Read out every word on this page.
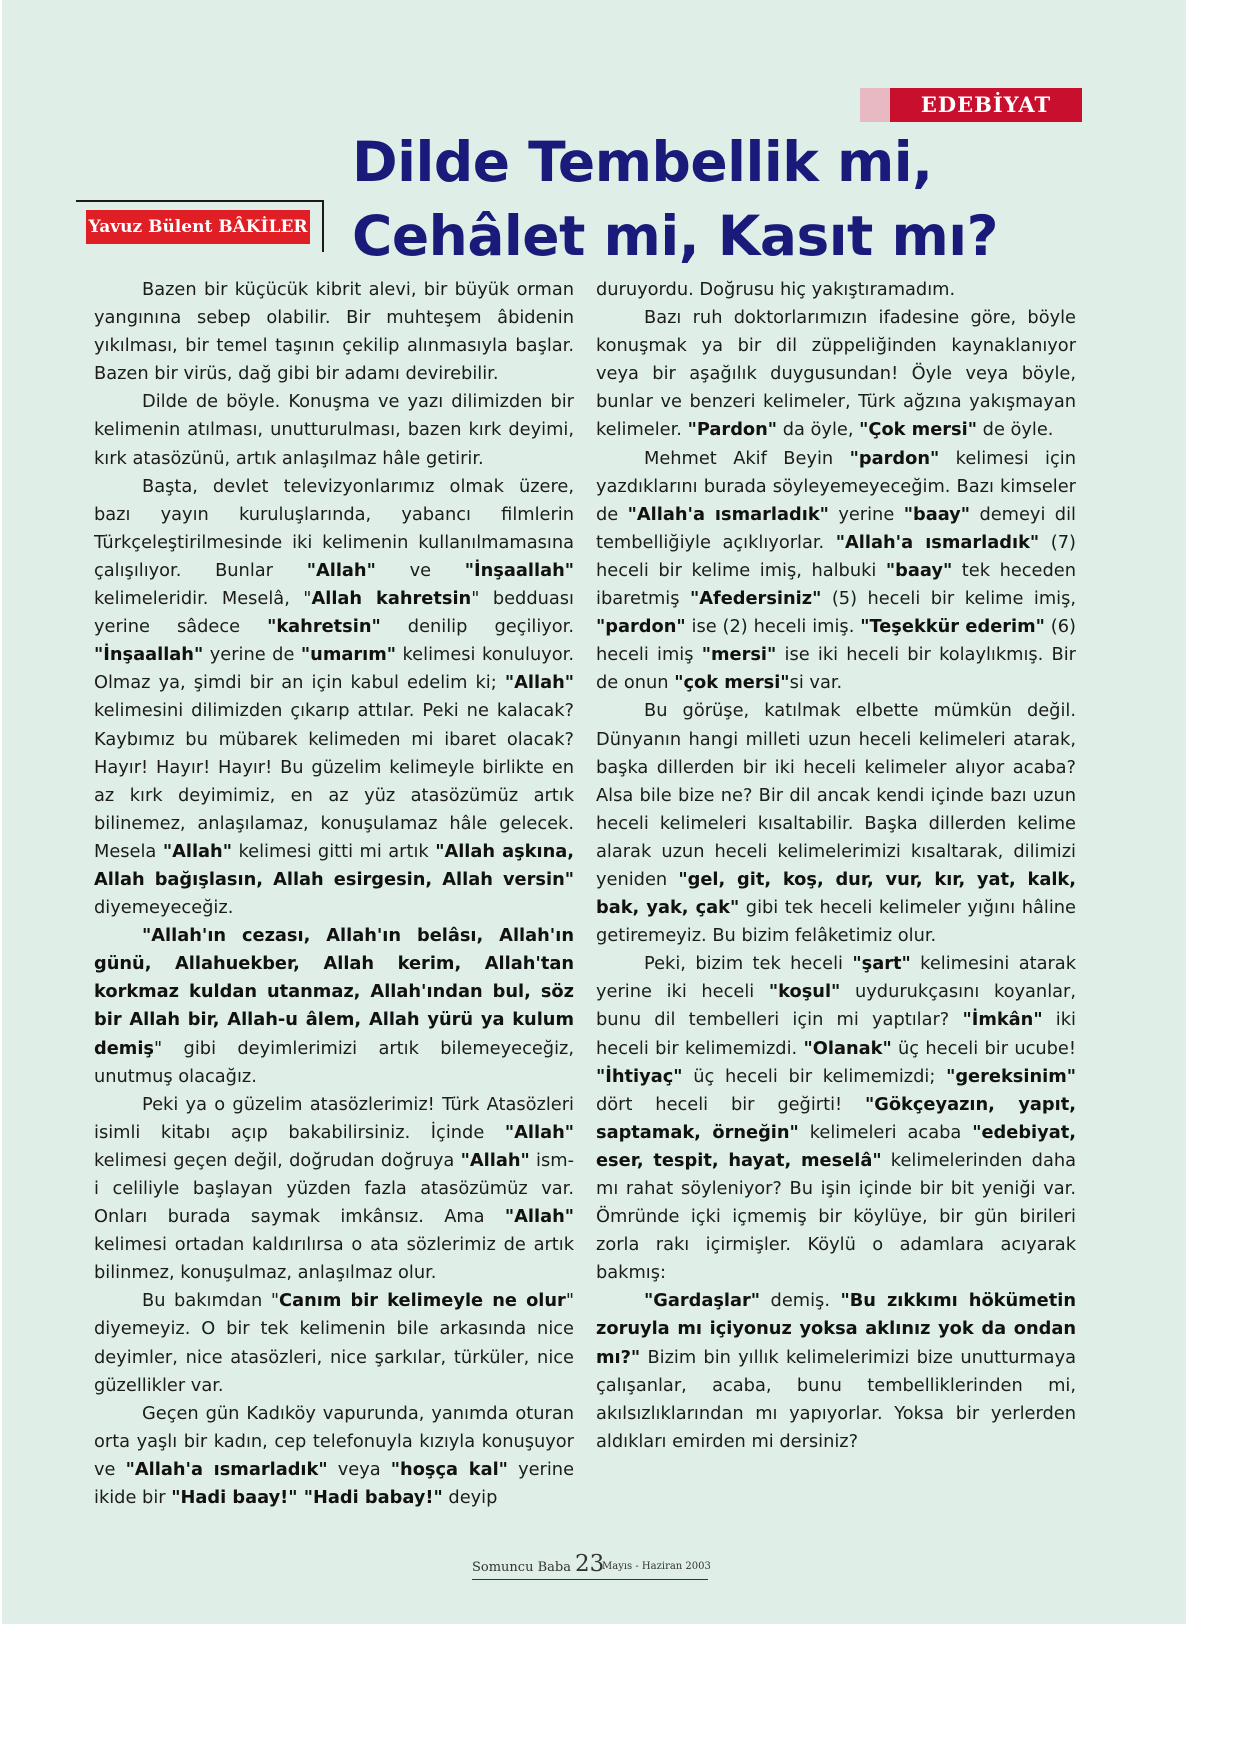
EDEBİYAT
Dilde Tembellik mi,
Cehâlet mi, Kasıt mı?
Yavuz Bülent BÂKİLER

Bazen bir küçücük kibrit alevi, bir büyük orman yangınına sebep olabilir. Bir muhteşem âbidenin yıkılması, bir temel taşının çekilip alınmasıyla başlar. Bazen bir virüs, dağ gibi bir adamı devirebilir.

Dilde de böyle. Konuşma ve yazı dilimizden bir kelimenin atılması, unutturulması, bazen kırk deyimi, kırk atasözünü, artık anlaşılmaz hâle getirir.

Başta, devlet televizyonlarımız olmak üzere, bazı yayın kuruluşlarında, yabancı filmlerin Türkçeleştirilmesinde iki kelimenin kullanılmamasına çalışılıyor. Bunlar "Allah" ve "İnşaallah" kelimeleridir. Meselâ, "Allah kahretsin" bedduası yerine sâdece "kahretsin" denilip geçiliyor. "İnşaallah" yerine de "umarım" kelimesi konuluyor. Olmaz ya, şimdi bir an için kabul edelim ki; "Allah" kelimesini dilimizden çıkarıp attılar. Peki ne kalacak? Kaybımız bu mübarek kelimeden mi ibaret olacak? Hayır! Hayır! Hayır! Bu güzelim kelimeyle birlikte en az kırk deyimimiz, en az yüz atasözümüz artık bilinemez, anlaşılamaz, konuşulamaz hâle gelecek. Mesela "Allah" kelimesi gitti mi artık "Allah aşkına, Allah bağışlasın, Allah esirgesin, Allah versin" diyemeyeceğiz.

"Allah'ın cezası, Allah'ın belâsı, Allah'ın günü, Allahuekber, Allah kerim, Allah'tan korkmaz kuldan utanmaz, Allah'ından bul, söz bir Allah bir, Allah-u âlem, Allah yürü ya kulum demiş" gibi deyimlerimizi artık bilemeyeceğiz, unutmuş olacağız.

Peki ya o güzelim atasözlerimiz! Türk Atasözleri isimli kitabı açıp bakabilirsiniz. İçinde "Allah" kelimesi geçen değil, doğrudan doğruya "Allah" ism-i celiliyle başlayan yüzden fazla atasözümüz var. Onları burada saymak imkânsız. Ama "Allah" kelimesi ortadan kaldırılırsa o ata sözlerimiz de artık bilinmez, konuşulmaz, anlaşılmaz olur.

Bu bakımdan "Canım bir kelimeyle ne olur" diyemeyiz. O bir tek kelimenin bile arkasında nice deyimler, nice atasözleri, nice şarkılar, türküler, nice güzellikler var.

Geçen gün Kadıköy vapurunda, yanımda oturan orta yaşlı bir kadın, cep telefonuyla kızıyla konuşuyor ve "Allah'a ısmarladık" veya "hoşça kal" yerine ikide bir "Hadi baay!" "Hadi babay!" deyip

duruyordu. Doğrusu hiç yakıştıramadım.

Bazı ruh doktorlarımızın ifadesine göre, böyle konuşmak ya bir dil züppeliğinden kaynaklanıyor veya bir aşağılık duygusundan! Öyle veya böyle, bunlar ve benzeri kelimeler, Türk ağzına yakışmayan kelimeler. "Pardon" da öyle, "Çok mersi" de öyle.

Mehmet Akif Beyin "pardon" kelimesi için yazdıklarını burada söyleyemeyeceğim. Bazı kimseler de "Allah'a ısmarladık" yerine "baay" demeyi dil tembelliğiyle açıklıyorlar. "Allah'a ısmarladık" (7) heceli bir kelime imiş, halbuki "baay" tek heceden ibaretmiş "Afedersiniz" (5) heceli bir kelime imiş, "pardon" ise (2) heceli imiş. "Teşekkür ederim" (6) heceli imiş "mersi" ise iki heceli bir kolaylıkmış. Bir de onun "çok mersi"si var.

Bu görüşe, katılmak elbette mümkün değil. Dünyanın hangi milleti uzun heceli kelimeleri atarak, başka dillerden bir iki heceli kelimeler alıyor acaba? Alsa bile bize ne? Bir dil ancak kendi içinde bazı uzun heceli kelimeleri kısaltabilir. Başka dillerden kelime alarak uzun heceli kelimelerimizi kısaltarak, dilimizi yeniden "gel, git, koş, dur, vur, kır, yat, kalk, bak, yak, çak" gibi tek heceli kelimeler yığını hâline getiremeyiz. Bu bizim felâketimiz olur.

Peki, bizim tek heceli "şart" kelimesini atarak yerine iki heceli "koşul" uydurukçasını koyanlar, bunu dil tembelleri için mi yaptılar? "İmkân" iki heceli bir kelimemizdi. "Olanak" üç heceli bir ucube! "İhtiyaç" üç heceli bir kelimemizdi; "gereksinim" dört heceli bir geğirti! "Gökçeyazın, yapıt, saptamak, örneğin" kelimeleri acaba "edebiyat, eser, tespit, hayat, meselâ" kelimelerinden daha mı rahat söyleniyor? Bu işin içinde bir bit yeniği var. Ömründe içki içmemiş bir köylüye, bir gün birileri zorla rakı içirmişler. Köylü o adamlara acıyarak bakmış:

"Gardaşlar" demiş. "Bu zıkkımı hökümetin zoruyla mı içiyonuz yoksa aklınız yok da ondan mı?" Bizim bin yıllık kelimelerimizi bize unutturmaya çalışanlar, acaba, bunu tembelliklerinden mi, akılsızlıklarından mı yapıyorlar. Yoksa bir yerlerden aldıkları emirden mi dersiniz?

Somuncu Baba 23
Mayıs - Haziran 2003
